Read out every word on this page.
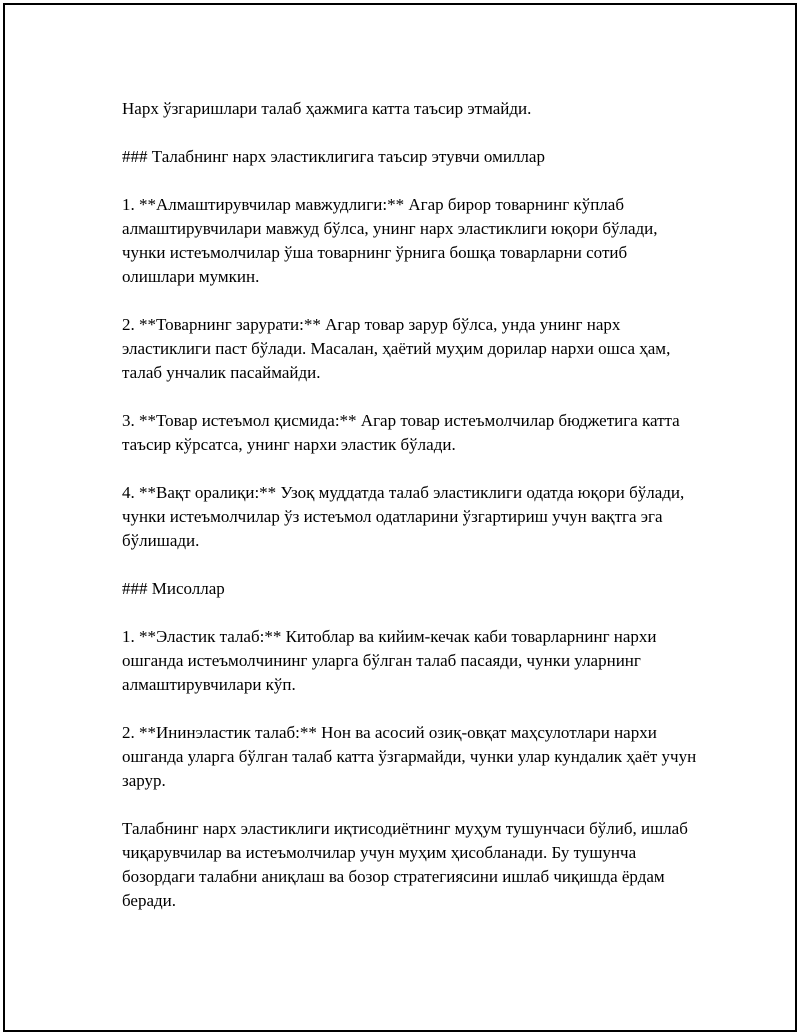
Нарх ўзгаришлари талаб ҳажмига катта таъсир этмайди.

### Талабнинг нарх эластиклигига таъсир этувчи омиллар

1. **Алмаштирувчилар мавжудлиги:** Агар бирор товарнинг кўплаб алмаштирувчилари мавжуд бўлса, унинг нарх эластиклиги юқори бўлади, чунки истеъмолчилар ўша товарнинг ўрнига бошқа товарларни сотиб олишлари мумкин.

2. **Товарнинг зарурати:** Агар товар зарур бўлса, унда унинг нарх эластиклиги паст бўлади. Масалан, ҳаётий муҳим дорилар нархи ошса ҳам, талаб унчалик пасаймайди.

3. **Товар истеъмол қисмида:** Агар товар истеъмолчилар бюджетига катта таъсир кўрсатса, унинг нархи эластик бўлади.

4. **Вақт оралиқи:** Узоқ муддатда талаб эластиклиги одатда юқори бўлади, чунки истеъмолчилар ўз истеъмол одатларини ўзгартириш учун вақтга эга бўлишади.

### Мисоллар

1. **Эластик талаб:** Китоблар ва кийим-кечак каби товарларнинг нархи ошганда истеъмолчининг уларга бўлган талаб пасаяди, чунки уларнинг алмаштирувчилари кўп.

2. **Ининэластик талаб:** Нон ва асосий озиқ-овқат маҳсулотлари нархи ошганда уларга бўлган талаб катта ўзгармайди, чунки улар кундалик ҳаёт учун зарур.

Талабнинг нарх эластиклиги иқтисодиётнинг муҳум тушунчаси бўлиб, ишлаб чиқарувчилар ва истеъмолчилар учун муҳим ҳисобланади. Бу тушунча бозордаги талабни аниқлаш ва бозор стратегиясини ишлаб чиқишда ёрдам беради.
